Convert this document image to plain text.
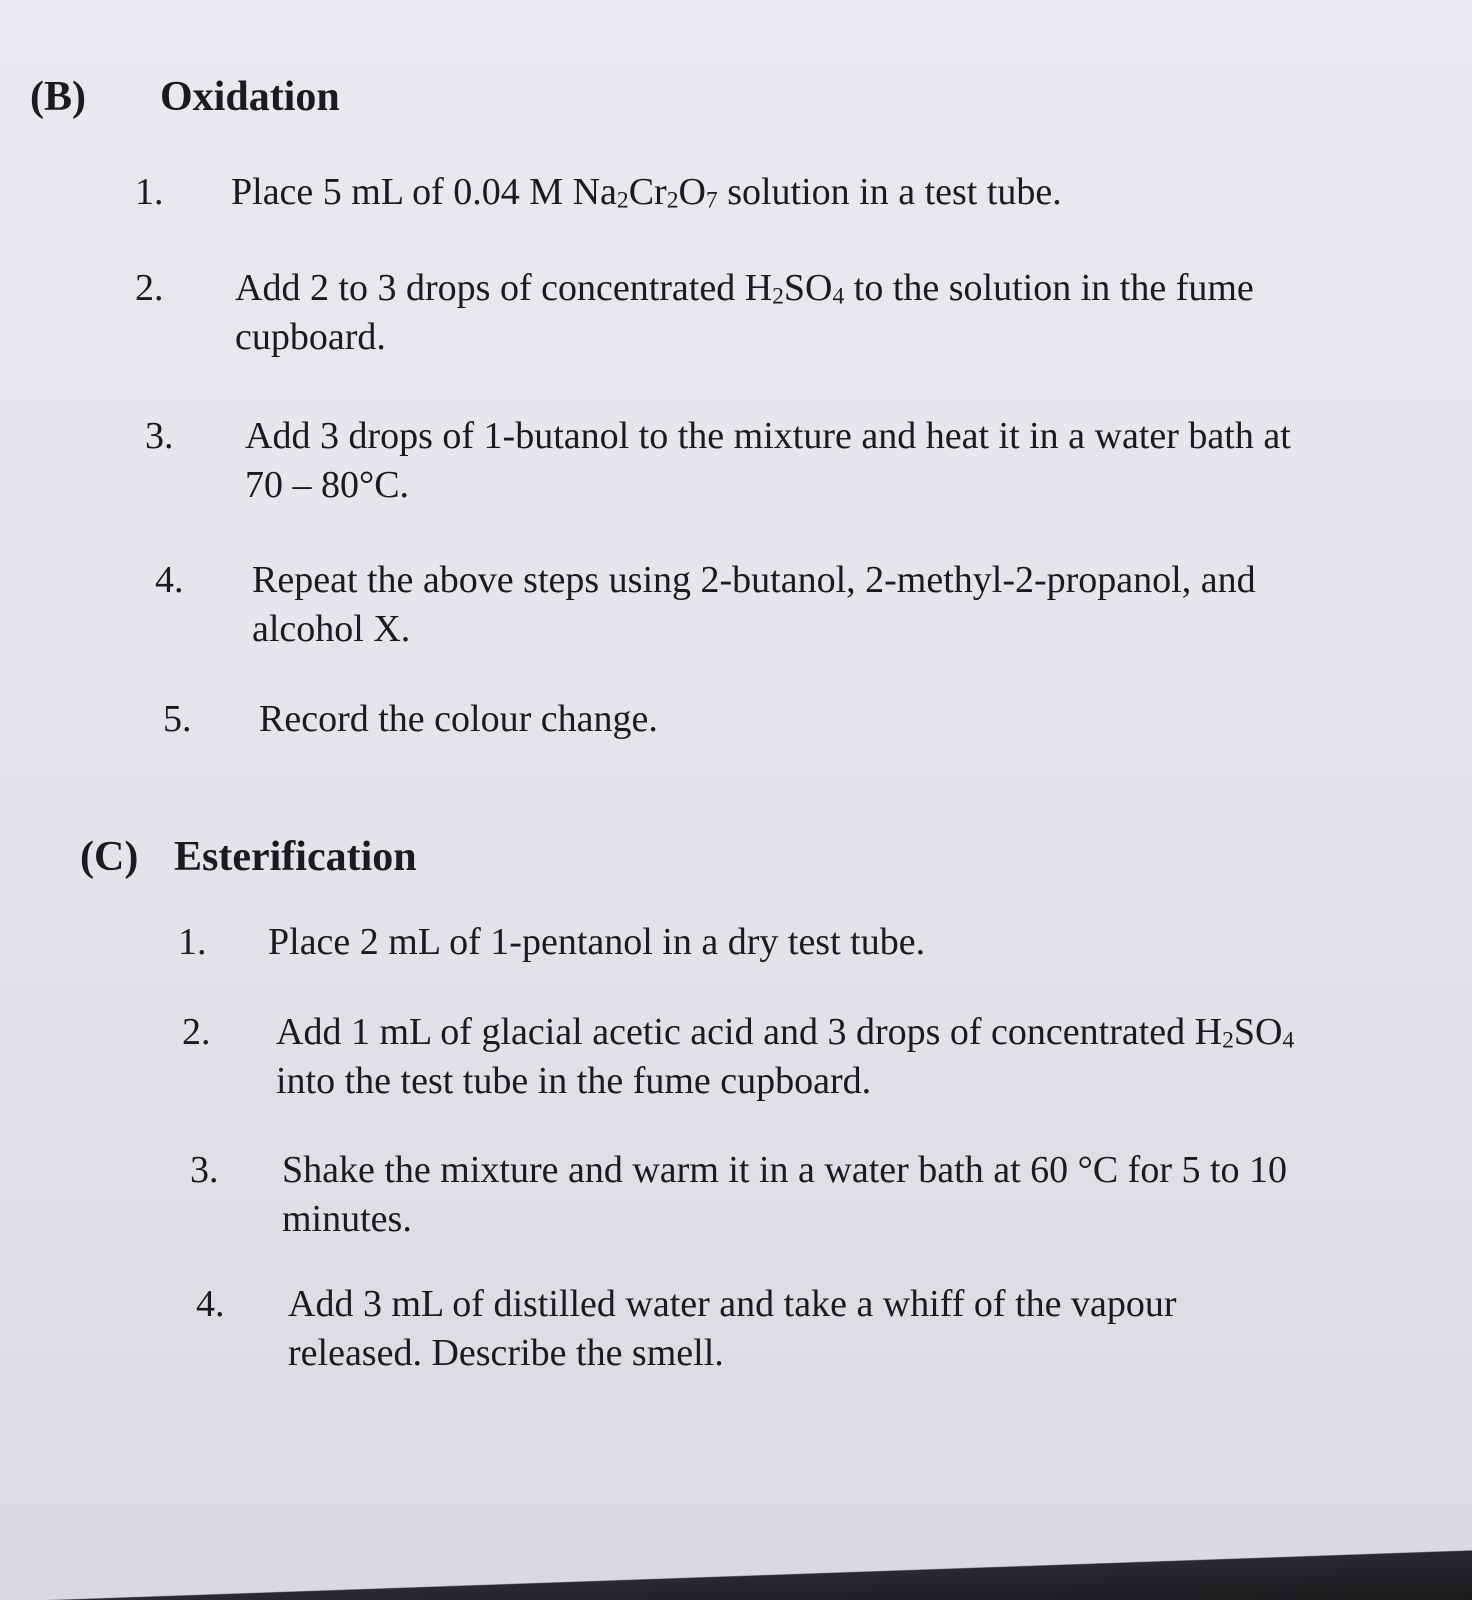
(B) Oxidation
1. Place 5 mL of 0.04 M $Na_2Cr_2O_7$ solution in a test tube.
2. Add 2 to 3 drops of concentrated $H_2SO_4$ to the solution in the fume cupboard.
3. Add 3 drops of 1-butanol to the mixture and heat it in a water bath at 70 – 80°C.
4. Repeat the above steps using 2-butanol, 2-methyl-2-propanol, and alcohol X.
5. Record the colour change.
(C) Esterification
1. Place 2 mL of 1-pentanol in a dry test tube.
2. Add 1 mL of glacial acetic acid and 3 drops of concentrated $H_2SO_4$ into the test tube in the fume cupboard.
3. Shake the mixture and warm it in a water bath at 60 °C for 5 to 10 minutes.
4. Add 3 mL of distilled water and take a whiff of the vapour released. Describe the smell.
